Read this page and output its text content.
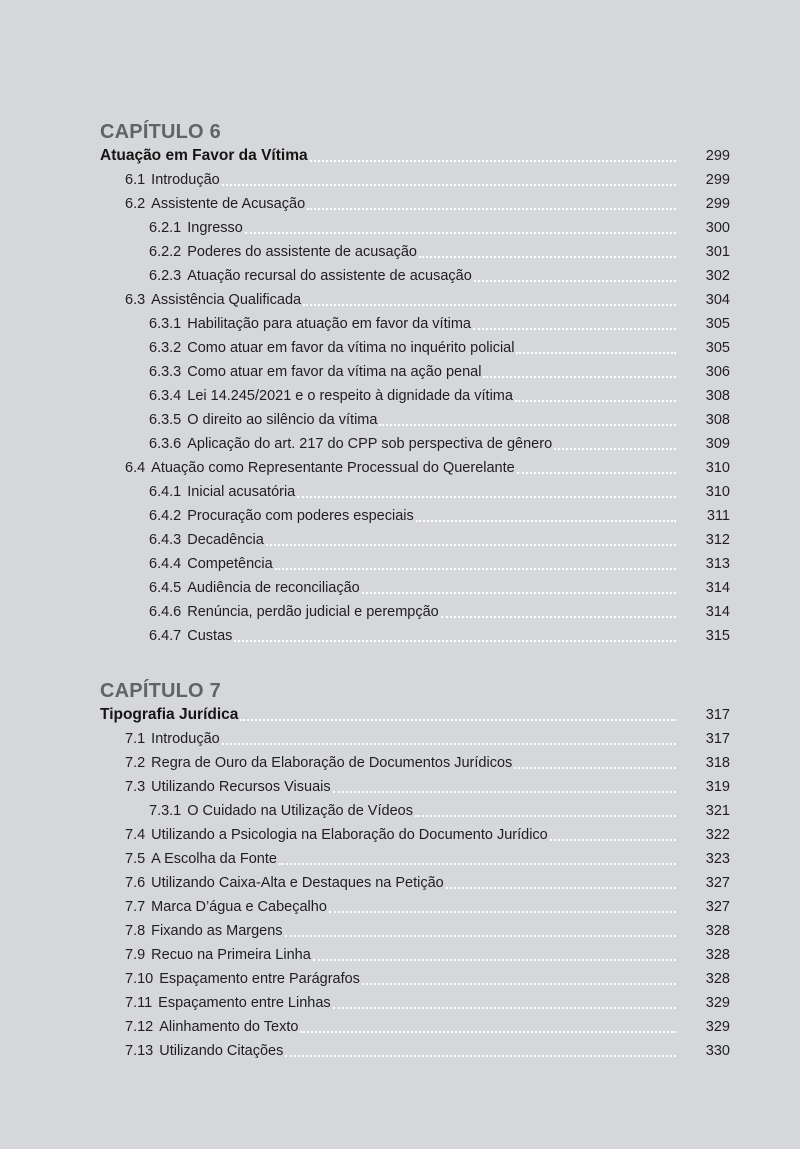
CAPÍTULO 6
Atuação em Favor da Vítima	299
6.1 Introdução	299
6.2 Assistente de Acusação	299
6.2.1 Ingresso	300
6.2.2 Poderes do assistente de acusação	301
6.2.3 Atuação recursal do assistente de acusação	302
6.3 Assistência Qualificada	304
6.3.1 Habilitação para atuação em favor da vítima	305
6.3.2 Como atuar em favor da vítima no inquérito policial	305
6.3.3 Como atuar em favor da vítima na ação penal	306
6.3.4 Lei 14.245/2021 e o respeito à dignidade da vítima	308
6.3.5 O direito ao silêncio da vítima	308
6.3.6 Aplicação do art. 217 do CPP sob perspectiva de gênero	309
6.4 Atuação como Representante Processual do Querelante	310
6.4.1 Inicial acusatória	310
6.4.2 Procuração com poderes especiais	311
6.4.3 Decadência	312
6.4.4 Competência	313
6.4.5 Audiência de reconciliação	314
6.4.6 Renúncia, perdão judicial e perempção	314
6.4.7 Custas	315
CAPÍTULO 7
Tipografia Jurídica	317
7.1 Introdução	317
7.2 Regra de Ouro da Elaboração de Documentos Jurídicos	318
7.3 Utilizando Recursos Visuais	319
7.3.1 O Cuidado na Utilização de Vídeos	321
7.4 Utilizando a Psicologia na Elaboração do Documento Jurídico	322
7.5 A Escolha da Fonte	323
7.6 Utilizando Caixa-Alta e Destaques na Petição	327
7.7 Marca D’água e Cabeçalho	327
7.8 Fixando as Margens	328
7.9 Recuo na Primeira Linha	328
7.10 Espaçamento entre Parágrafos	328
7.11 Espaçamento entre Linhas	329
7.12 Alinhamento do Texto	329
7.13 Utilizando Citações	330
